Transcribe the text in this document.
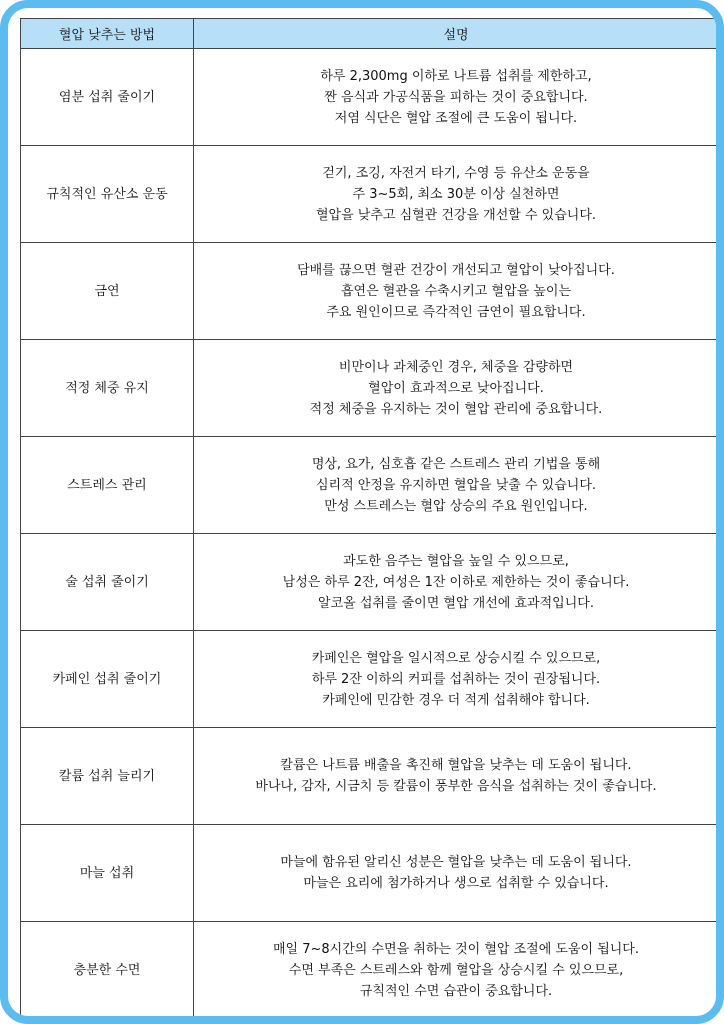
혈압 낮추는 방법	설명
염분 섭취 줄이기	하루 2,300mg 이하로 나트륨 섭취를 제한하고,
짠 음식과 가공식품을 피하는 것이 중요합니다.
저염 식단은 혈압 조절에 큰 도움이 됩니다.

규칙적인 유산소 운동	걷기, 조깅, 자전거 타기, 수영 등 유산소 운동을
주 3~5회, 최소 30분 이상 실천하면
혈압을 낮추고 심혈관 건강을 개선할 수 있습니다.

금연	담배를 끊으면 혈관 건강이 개선되고 혈압이 낮아집니다.
흡연은 혈관을 수축시키고 혈압을 높이는
주요 원인이므로 즉각적인 금연이 필요합니다.

적정 체중 유지	비만이나 과체중인 경우, 체중을 감량하면
혈압이 효과적으로 낮아집니다.
적정 체중을 유지하는 것이 혈압 관리에 중요합니다.

스트레스 관리	명상, 요가, 심호흡 같은 스트레스 관리 기법을 통해
심리적 안정을 유지하면 혈압을 낮출 수 있습니다.
만성 스트레스는 혈압 상승의 주요 원인입니다.

술 섭취 줄이기	과도한 음주는 혈압을 높일 수 있으므로,
남성은 하루 2잔, 여성은 1잔 이하로 제한하는 것이 좋습니다.
알코올 섭취를 줄이면 혈압 개선에 효과적입니다.

카페인 섭취 줄이기	카페인은 혈압을 일시적으로 상승시킬 수 있으므로,
하루 2잔 이하의 커피를 섭취하는 것이 권장됩니다.
카페인에 민감한 경우 더 적게 섭취해야 합니다.

칼륨 섭취 늘리기	칼륨은 나트륨 배출을 촉진해 혈압을 낮추는 데 도움이 됩니다.
바나나, 감자, 시금치 등 칼륨이 풍부한 음식을 섭취하는 것이 좋습니다.

마늘 섭취	마늘에 함유된 알리신 성분은 혈압을 낮추는 데 도움이 됩니다.
마늘은 요리에 첨가하거나 생으로 섭취할 수 있습니다.

충분한 수면	매일 7~8시간의 수면을 취하는 것이 혈압 조절에 도움이 됩니다.
수면 부족은 스트레스와 함께 혈압을 상승시킬 수 있으므로,
규칙적인 수면 습관이 중요합니다.
